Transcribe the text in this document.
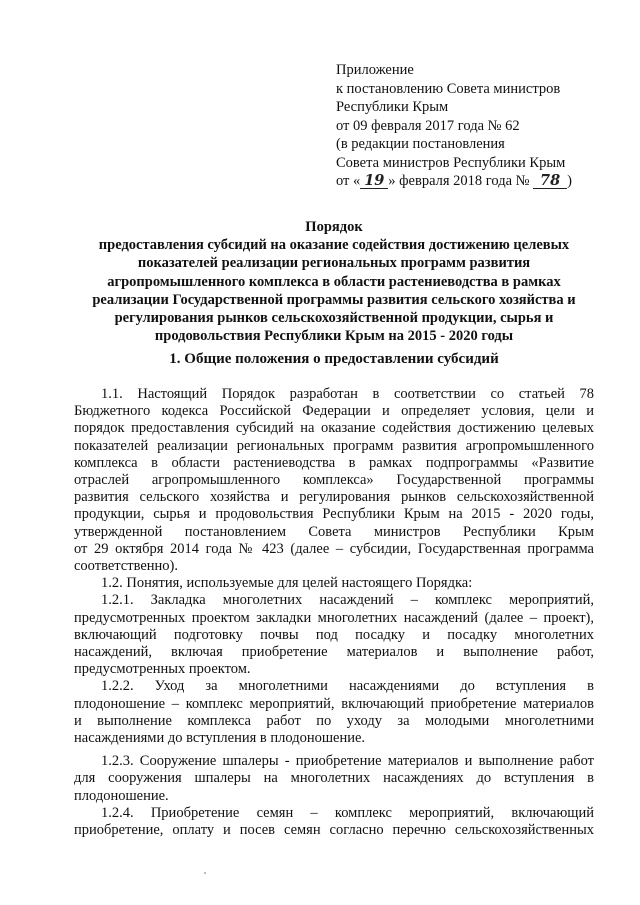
Приложение
к постановлению Совета министров
Республики Крым
от 09 февраля 2017 года № 62
(в редакции постановления
Совета министров Республики Крым
от « 19 » февраля 2018 года № 78 )
Порядок
предоставления субсидий на оказание содействия достижению целевых
показателей реализации региональных программ развития
агропромышленного комплекса в области растениеводства в рамках
реализации Государственной программы развития сельского хозяйства и
регулирования рынков сельскохозяйственной продукции, сырья и
продовольствия Республики Крым на 2015 - 2020 годы
1. Общие положения о предоставлении субсидий
1.1. Настоящий Порядок разработан в соответствии со статьей 78
Бюджетного кодекса Российской Федерации и определяет условия, цели и
порядок предоставления субсидий на оказание содействия достижению целевых
показателей реализации региональных программ развития агропромышленного
комплекса в области растениеводства в рамках подпрограммы «Развитие
отраслей агропромышленного комплекса» Государственной программы
развития сельского хозяйства и регулирования рынков сельскохозяйственной
продукции, сырья и продовольствия Республики Крым на 2015 - 2020 годы,
утвержденной постановлением Совета министров Республики Крым
от 29 октября 2014 года № 423 (далее – субсидии, Государственная программа
соответственно).
1.2. Понятия, используемые для целей настоящего Порядка:
1.2.1. Закладка многолетних насаждений – комплекс мероприятий,
предусмотренных проектом закладки многолетних насаждений (далее – проект),
включающий подготовку почвы под посадку и посадку многолетних
насаждений, включая приобретение материалов и выполнение работ,
предусмотренных проектом.
1.2.2. Уход за многолетними насаждениями до вступления в
плодоношение – комплекс мероприятий, включающий приобретение материалов
и выполнение комплекса работ по уходу за молодыми многолетними
насаждениями до вступления в плодоношение.
1.2.3. Сооружение шпалеры - приобретение материалов и выполнение работ
для сооружения шпалеры на многолетних насаждениях до вступления в
плодоношение.
1.2.4. Приобретение семян – комплекс мероприятий, включающий
приобретение, оплату и посев семян согласно перечню сельскохозяйственных
